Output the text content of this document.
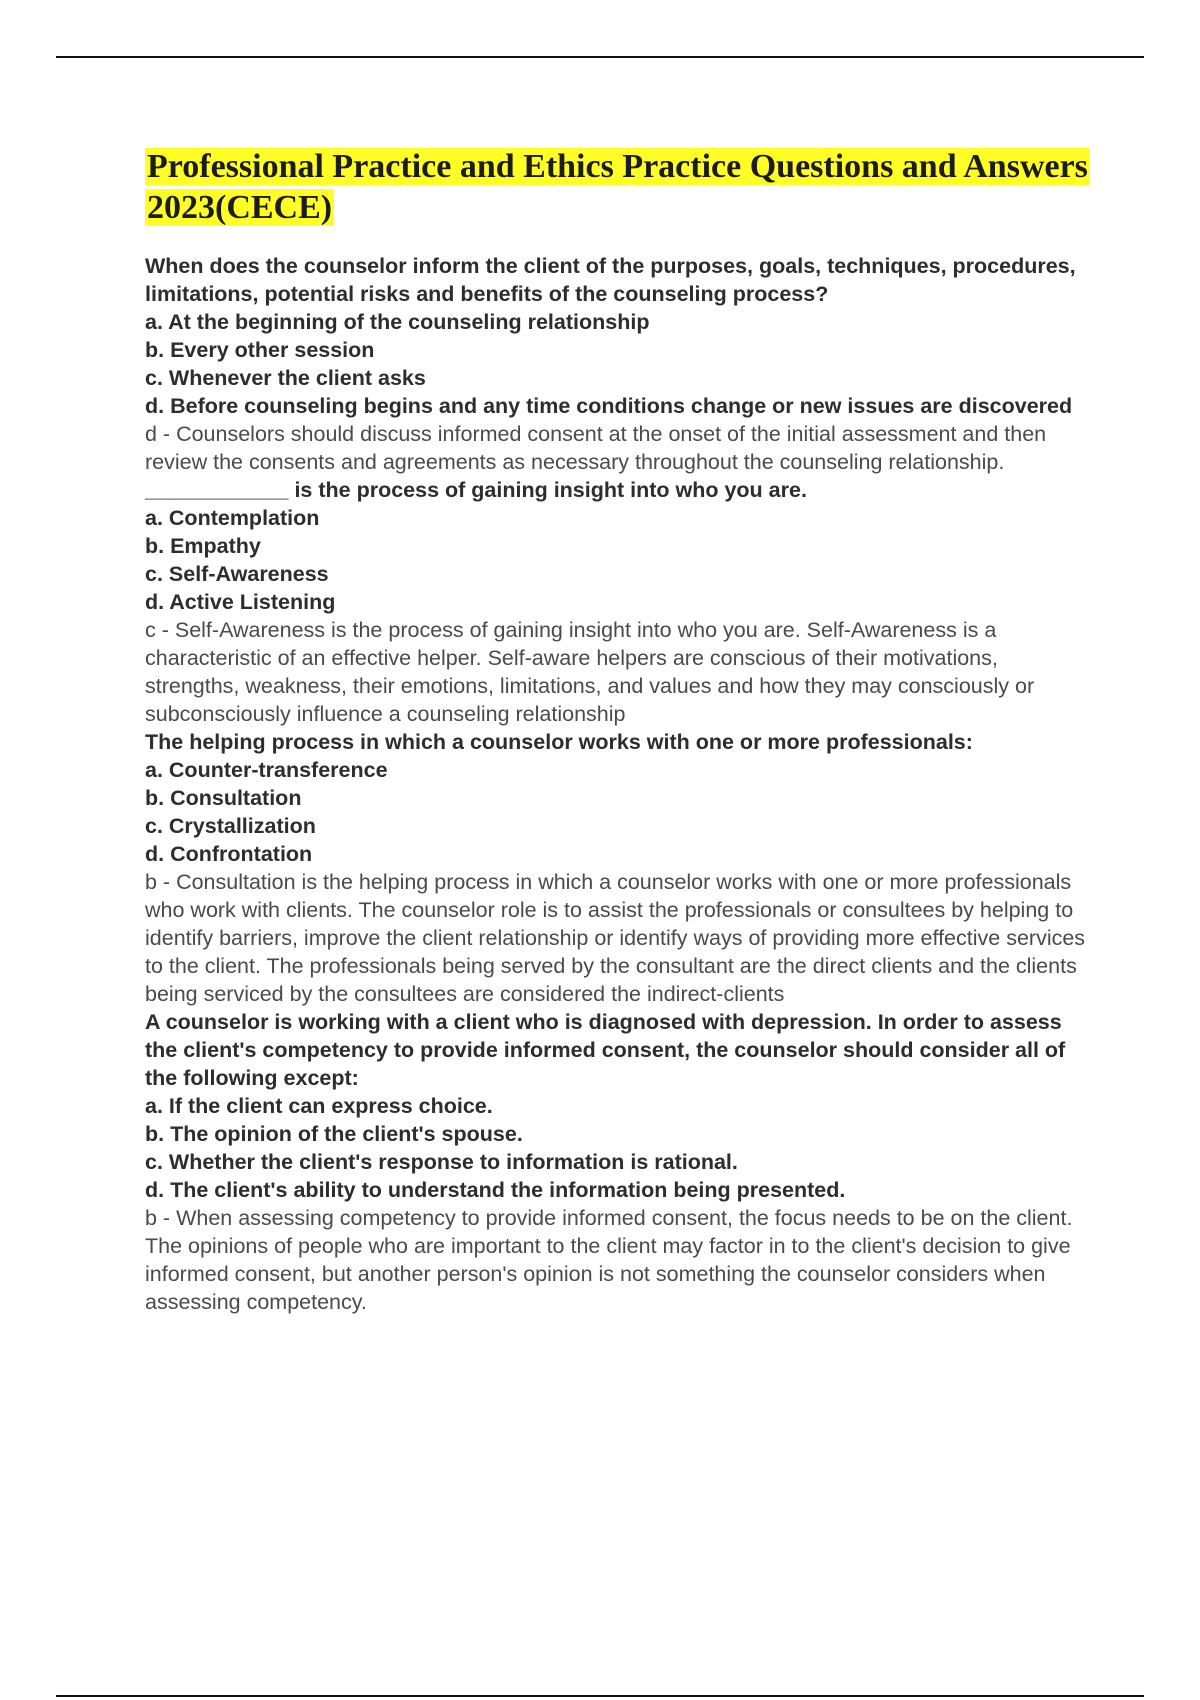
Professional Practice and Ethics Practice Questions and Answers 2023(CECE)

When does the counselor inform the client of the purposes, goals, techniques, procedures, limitations, potential risks and benefits of the counseling process?

a. At the beginning of the counseling relationship

b. Every other session

c. Whenever the client asks

d. Before counseling begins and any time conditions change or new issues are discovered

d - Counselors should discuss informed consent at the onset of the initial assessment and then review the consents and agreements as necessary throughout the counseling relationship.

____________ is the process of gaining insight into who you are.

a. Contemplation

b. Empathy

c. Self-Awareness

d. Active Listening

c - Self-Awareness is the process of gaining insight into who you are. Self-Awareness is a characteristic of an effective helper. Self-aware helpers are conscious of their motivations, strengths, weakness, their emotions, limitations, and values and how they may consciously or subconsciously influence a counseling relationship

The helping process in which a counselor works with one or more professionals:

a. Counter-transference

b. Consultation

c. Crystallization

d. Confrontation

b - Consultation is the helping process in which a counselor works with one or more professionals who work with clients. The counselor role is to assist the professionals or consultees by helping to identify barriers, improve the client relationship or identify ways of providing more effective services to the client. The professionals being served by the consultant are the direct clients and the clients being serviced by the consultees are considered the indirect-clients

A counselor is working with a client who is diagnosed with depression. In order to assess the client's competency to provide informed consent, the counselor should consider all of the following except:

a. If the client can express choice.

b. The opinion of the client's spouse.

c. Whether the client's response to information is rational.

d. The client's ability to understand the information being presented.

b - When assessing competency to provide informed consent, the focus needs to be on the client. The opinions of people who are important to the client may factor in to the client's decision to give informed consent, but another person's opinion is not something the counselor considers when assessing competency.
